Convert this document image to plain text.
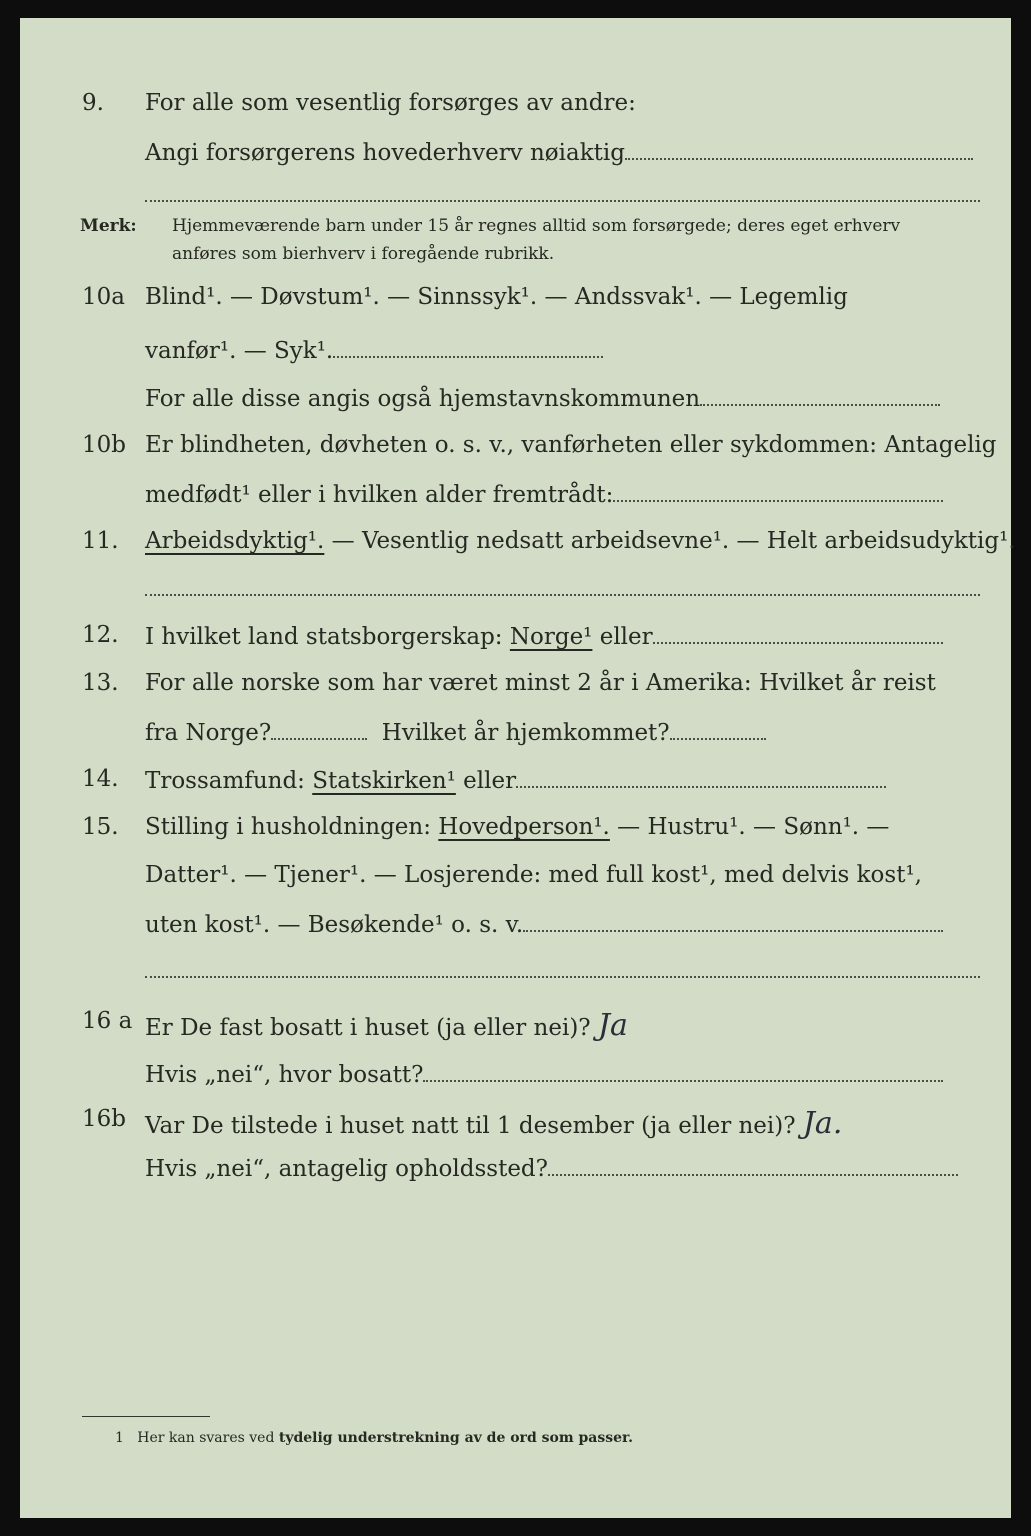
9. For alle som vesentlig forsørges av andre:
Angi forsørgerens hovederhverv nøiaktig
Merk: Hjemmeværende barn under 15 år regnes alltid som forsørgede; deres eget erhverv
anføres som bierhverv i foregående rubrikk.
10a Blind¹. — Døvstum¹. — Sinnssyk¹. — Andssvak¹. — Legemlig
vanfør¹. — Syk¹.
For alle disse angis også hjemstavnskommunen
10b Er blindheten, døvheten o. s. v., vanførheten eller sykdommen: Antagelig
medfødt¹ eller i hvilken alder fremtrådt:
11. Arbeidsdyktig¹. — Vesentlig nedsatt arbeidsevne¹. — Helt arbeidsudyktig¹.
12. I hvilket land statsborgerskap: Norge¹ eller
13. For alle norske som har været minst 2 år i Amerika: Hvilket år reist
fra Norge?	Hvilket år hjemkommet?
14. Trossamfund: Statskirken¹ eller
15. Stilling i husholdningen: Hovedperson¹. — Hustru¹. — Sønn¹. —
Datter¹. — Tjener¹. — Losjerende: med full kost¹, med delvis kost¹,
uten kost¹. — Besøkende¹ o. s. v.
16 a Er De fast bosatt i huset (ja eller nei)? Ja
Hvis „nei“, hvor bosatt?
16b Var De tilstede i huset natt til 1 desember (ja eller nei)? Ja.
Hvis „nei“, antagelig opholdssted?
1 Her kan svares ved tydelig understrekning av de ord som passer.
